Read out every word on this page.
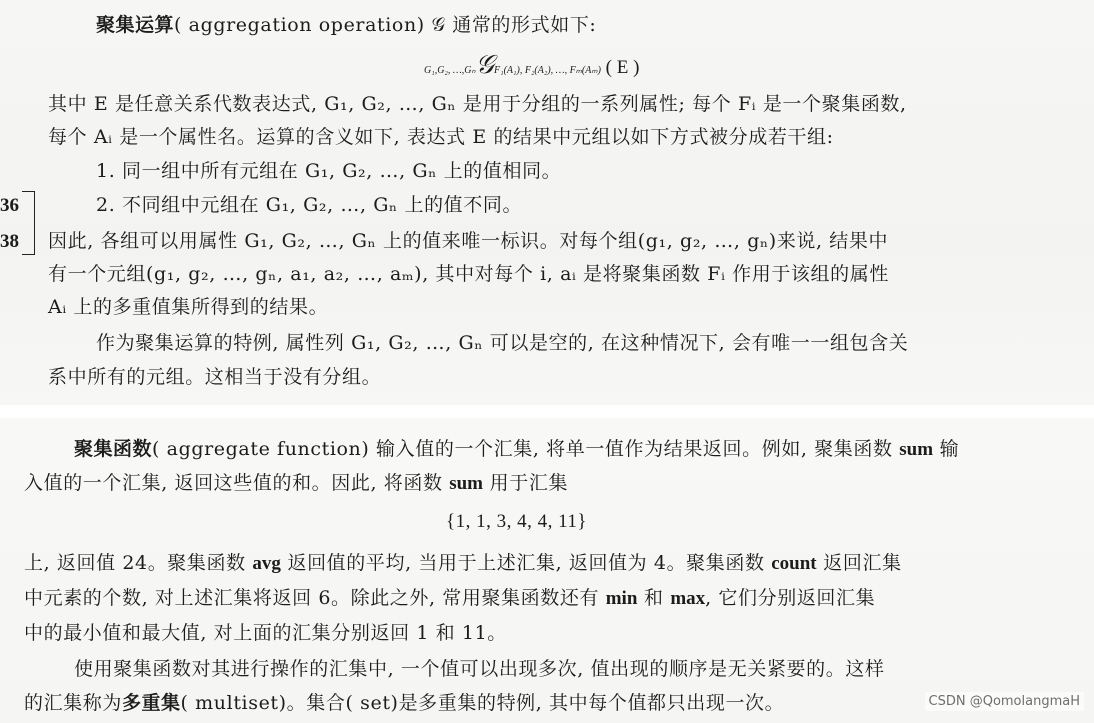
聚集运算( aggregation operation) 𝒢 通常的形式如下:
G₁,G₂, …,Gₙ𝒢F₁(A₁), F₂(A₂), …, Fₘ(Aₘ) ( E )
其中 E 是任意关系代数表达式, G₁, G₂, …, Gₙ 是用于分组的一系列属性; 每个 Fᵢ 是一个聚集函数,
每个 Aᵢ 是一个属性名。运算的含义如下, 表达式 E 的结果中元组以如下方式被分成若干组:
1. 同一组中所有元组在 G₁, G₂, …, Gₙ 上的值相同。
2. 不同组中元组在 G₁, G₂, …, Gₙ 上的值不同。
因此, 各组可以用属性 G₁, G₂, …, Gₙ 上的值来唯一标识。对每个组(g₁, g₂, …, gₙ)来说, 结果中
有一个元组(g₁, g₂, …, gₙ, a₁, a₂, …, aₘ), 其中对每个 i, aᵢ 是将聚集函数 Fᵢ 作用于该组的属性
Aᵢ 上的多重值集所得到的结果。
作为聚集运算的特例, 属性列 G₁, G₂, …, Gₙ 可以是空的, 在这种情况下, 会有唯一一组包含关
系中所有的元组。这相当于没有分组。
36
38
聚集函数( aggregate function) 输入值的一个汇集, 将单一值作为结果返回。例如, 聚集函数 sum 输
入值的一个汇集, 返回这些值的和。因此, 将函数 sum 用于汇集
{1, 1, 3, 4, 4, 11}
上, 返回值 24。聚集函数 avg 返回值的平均, 当用于上述汇集, 返回值为 4。聚集函数 count 返回汇集
中元素的个数, 对上述汇集将返回 6。除此之外, 常用聚集函数还有 min 和 max, 它们分别返回汇集
中的最小值和最大值, 对上面的汇集分别返回 1 和 11。
使用聚集函数对其进行操作的汇集中, 一个值可以出现多次, 值出现的顺序是无关紧要的。这样
的汇集称为多重集( multiset)。集合( set)是多重集的特例, 其中每个值都只出现一次。	CSDN @QomolangmaH
